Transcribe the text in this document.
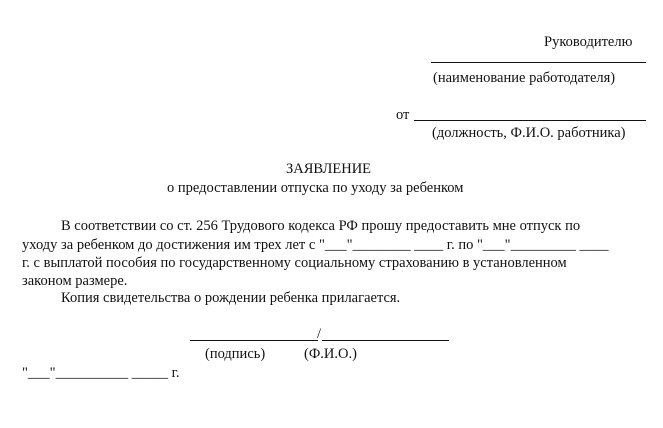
Руководителю
(наименование работодателя)
от
(должность, Ф.И.О. работника)
ЗАЯВЛЕНИЕ
о предоставлении отпуска по уходу за ребенком
В соответствии со ст. 256 Трудового кодекса РФ прошу предоставить мне отпуск по
уходу за ребенком до достижения им трех лет с "___"________ ____ г. по "___"_________ ____
г. с выплатой пособия по государственному социальному страхованию в установленном
законом размере.
Копия свидетельства о рождении ребенка прилагается.
/
(подпись)	(Ф.И.О.)
"___"__________ _____ г.
